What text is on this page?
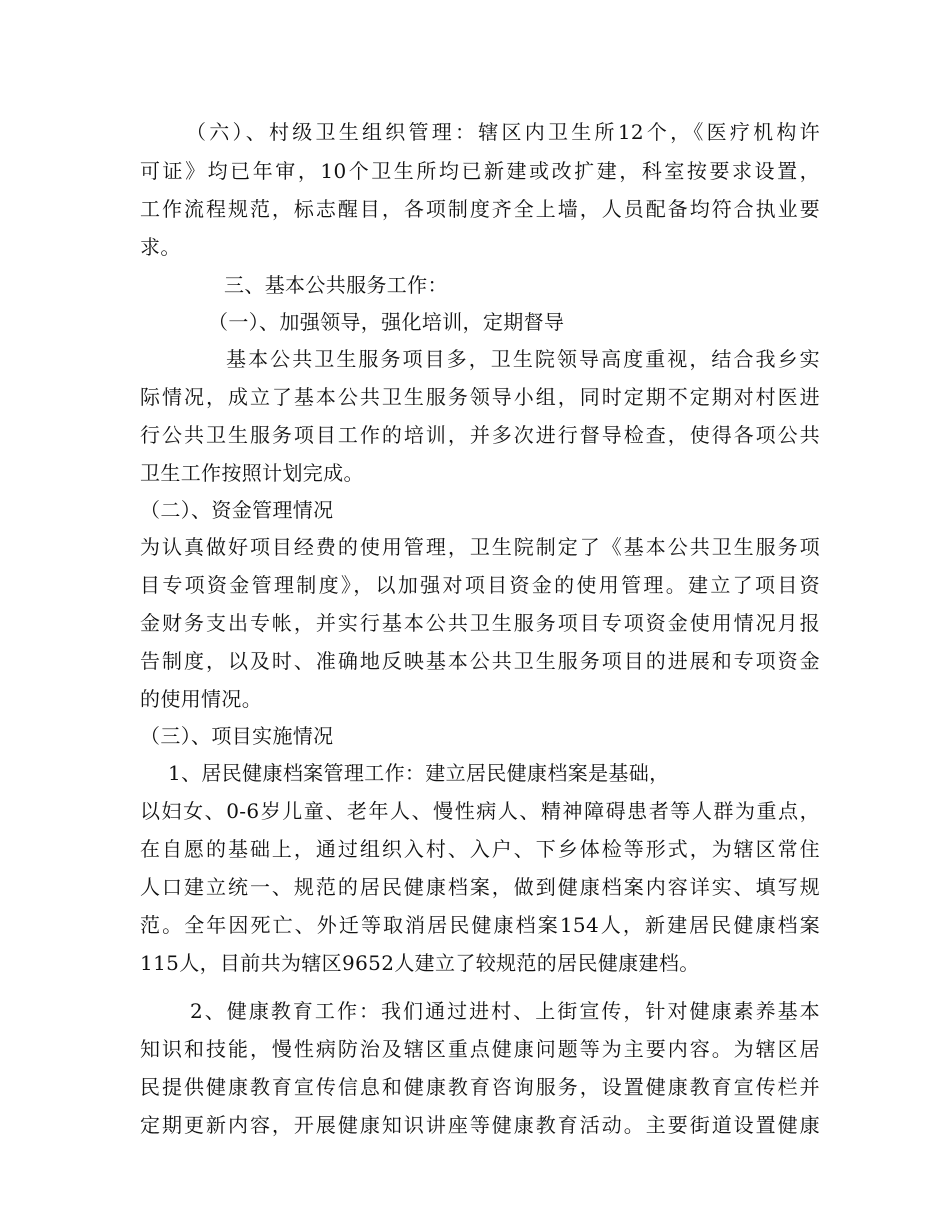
（六）、村级卫生组织管理：辖区内卫生所12个，《医疗机构许
可证》均已年审，10个卫生所均已新建或改扩建，科室按要求设置，
工作流程规范，标志醒目，各项制度齐全上墙，人员配备均符合执业要
求。
三、基本公共服务工作：
（一）、加强领导，强化培训，定期督导
基本公共卫生服务项目多，卫生院领导高度重视，结合我乡实
际情况，成立了基本公共卫生服务领导小组，同时定期不定期对村医进
行公共卫生服务项目工作的培训，并多次进行督导检查，使得各项公共
卫生工作按照计划完成。
（二）、资金管理情况
为认真做好项目经费的使用管理，卫生院制定了《基本公共卫生服务项
目专项资金管理制度》，以加强对项目资金的使用管理。建立了项目资
金财务支出专帐，并实行基本公共卫生服务项目专项资金使用情况月报
告制度，以及时、准确地反映基本公共卫生服务项目的进展和专项资金
的使用情况。
（三）、项目实施情况
1、居民健康档案管理工作：建立居民健康档案是基础，
以妇女、0-6岁儿童、老年人、慢性病人、精神障碍患者等人群为重点，
在自愿的基础上，通过组织入村、入户、下乡体检等形式，为辖区常住
人口建立统一、规范的居民健康档案，做到健康档案内容详实、填写规
范。全年因死亡、外迁等取消居民健康档案154人，新建居民健康档案
115人，目前共为辖区9652人建立了较规范的居民健康建档。
2、健康教育工作：我们通过进村、上街宣传，针对健康素养基本
知识和技能，慢性病防治及辖区重点健康问题等为主要内容。为辖区居
民提供健康教育宣传信息和健康教育咨询服务，设置健康教育宣传栏并
定期更新内容，开展健康知识讲座等健康教育活动。主要街道设置健康
